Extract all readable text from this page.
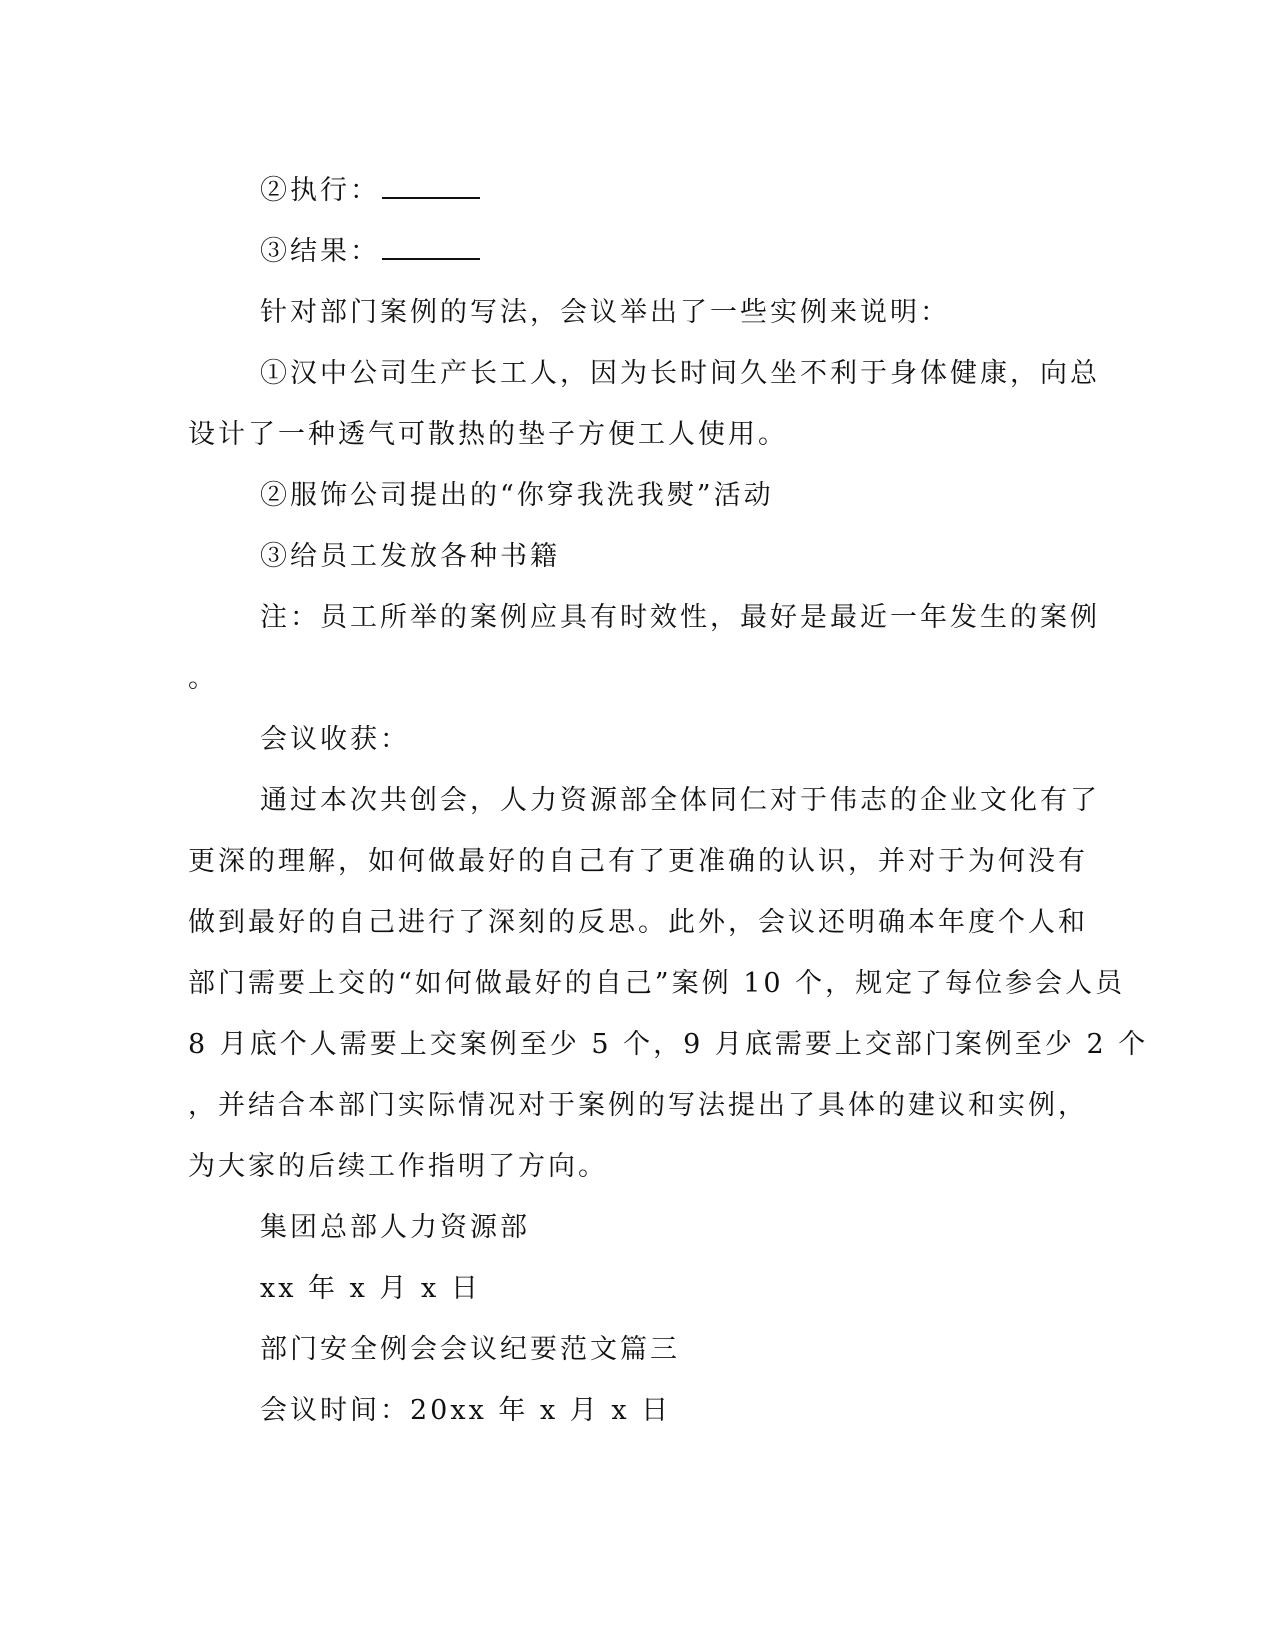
②执行：

③结果：

针对部门案例的写法，会议举出了一些实例来说明：

①汉中公司生产长工人，因为长时间久坐不利于身体健康，向总

设计了一种透气可散热的垫子方便工人使用。

②服饰公司提出的“你穿我洗我熨”活动

③给员工发放各种书籍

注：员工所举的案例应具有时效性，最好是最近一年发生的案例

。

会议收获：

通过本次共创会，人力资源部全体同仁对于伟志的企业文化有了

更深的理解，如何做最好的自己有了更准确的认识，并对于为何没有

做到最好的自己进行了深刻的反思。此外，会议还明确本年度个人和

部门需要上交的“如何做最好的自己”案例 10 个，规定了每位参会人员

8 月底个人需要上交案例至少 5 个，9 月底需要上交部门案例至少 2 个

，并结合本部门实际情况对于案例的写法提出了具体的建议和实例，

为大家的后续工作指明了方向。

集团总部人力资源部

xx 年 x 月 x 日

部门安全例会会议纪要范文篇三

会议时间：20xx 年 x 月 x 日
